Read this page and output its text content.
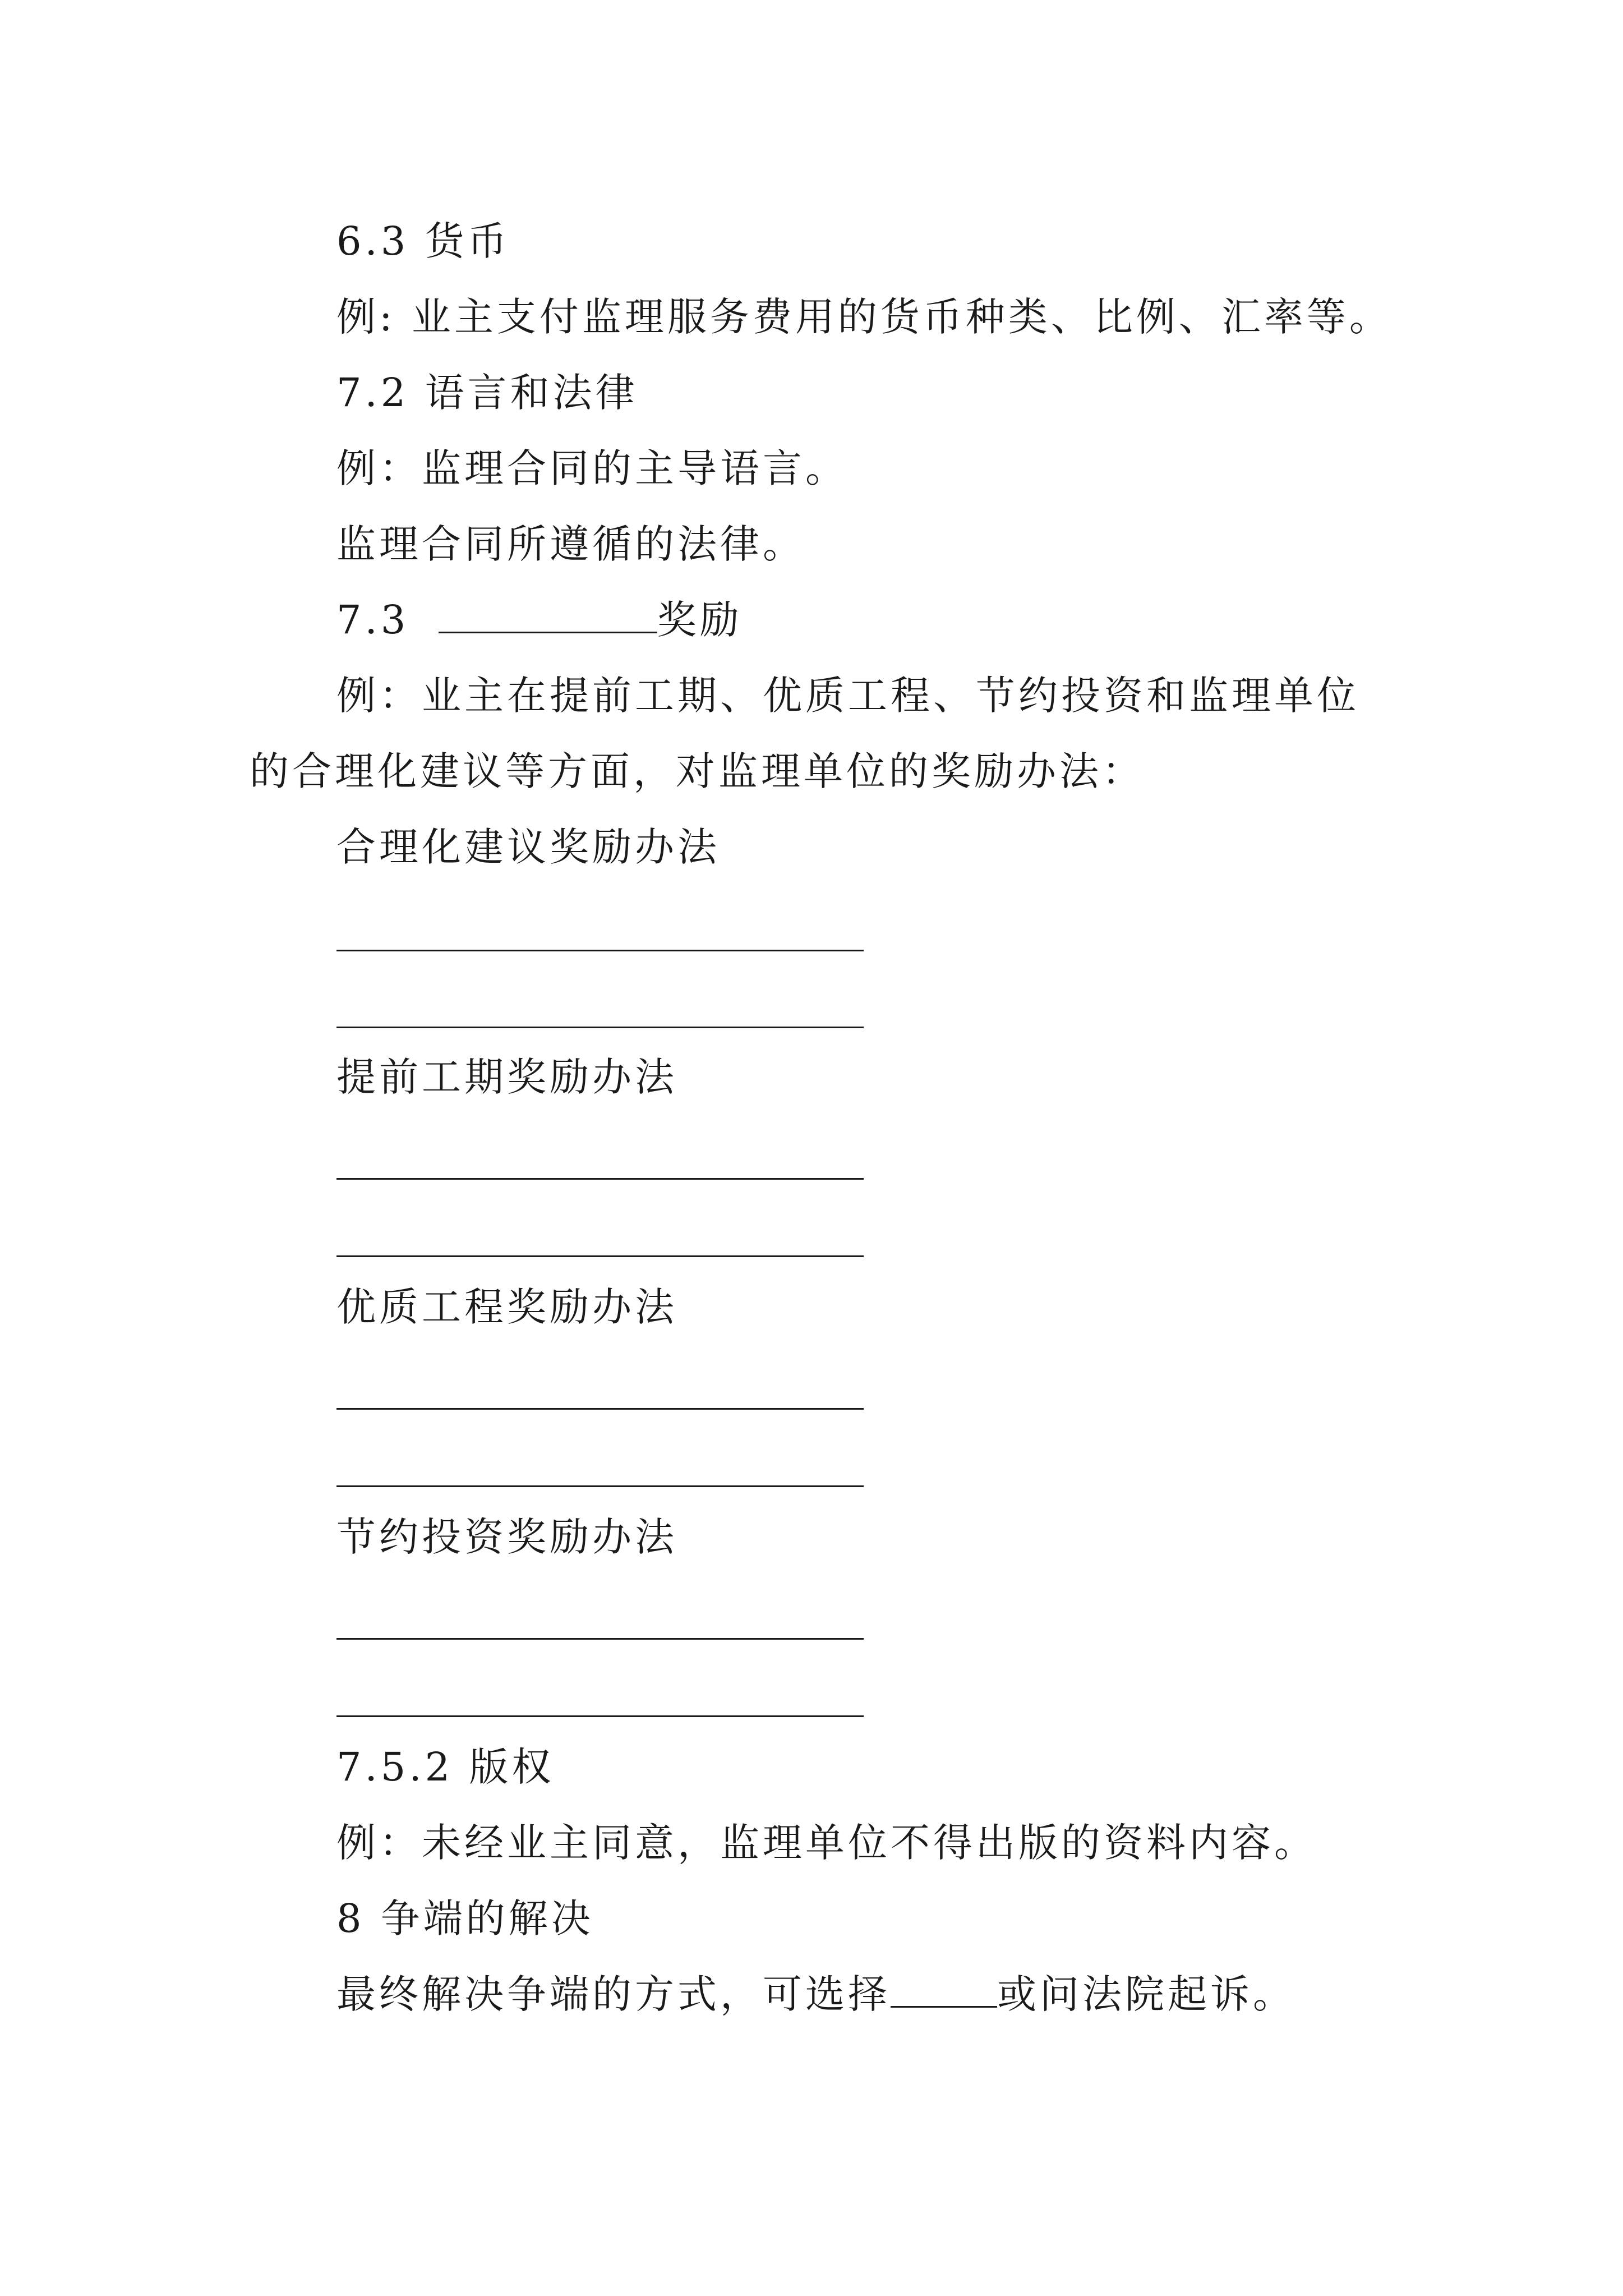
6.3 货币
例: 业主支付监理服务费用的货币种类、比例、汇率等。
7.2 语言和法律
例：监理合同的主导语言。
监理合同所遵循的法律。
7.3	奖励
例：业主在提前工期、优质工程、节约投资和监理单位
的合理化建议等方面，对监理单位的奖励办法：
合理化建议奖励办法
提前工期奖励办法
优质工程奖励办法
节约投资奖励办法
7.5.2 版权
例：未经业主同意，监理单位不得出版的资料内容。
8 争端的解决
最终解决争端的方式，可选择	或问法院起诉。
